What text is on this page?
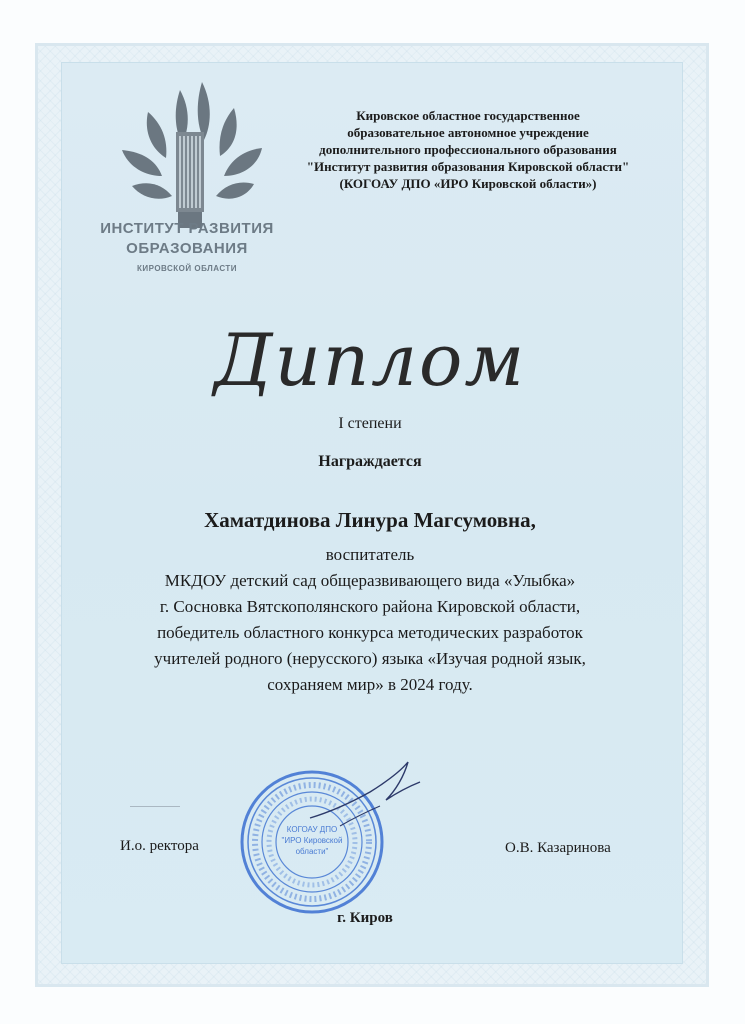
ИНСТИТУТ РАЗВИТИЯ
ОБРАЗОВАНИЯ
КИРОВСКОЙ ОБЛАСТИ
Кировское областное государственное
образовательное автономное учреждение
дополнительного профессионального образования
"Институт развития образования Кировской области"
(КОГОАУ ДПО «ИРО Кировской области»)
Диплом
I степени
Награждается
Хаматдинова Линура Магсумовна,
воспитатель
МКДОУ детский сад общеразвивающего вида «Улыбка»
г. Сосновка Вятскополянского района Кировской области,
победитель областного конкурса методических разработок
учителей родного (нерусского) языка «Изучая родной язык,
сохраняем мир» в 2024 году.
И.о. ректора	О.В. Казаринова
КОГОАУ ДПО
"ИРО Кировской
области"
г. Киров
